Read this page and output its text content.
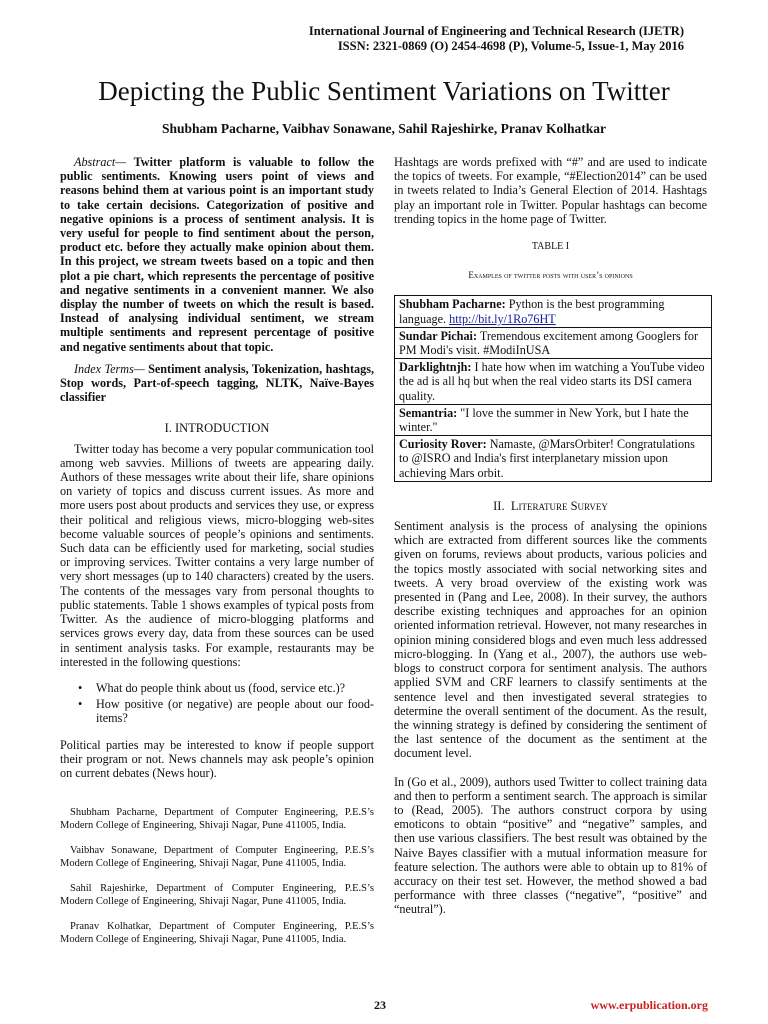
International Journal of Engineering and Technical Research (IJETR)
ISSN: 2321-0869 (O) 2454-4698 (P), Volume-5, Issue-1, May 2016
Depicting the Public Sentiment Variations on Twitter
Shubham Pacharne, Vaibhav Sonawane, Sahil Rajeshirke, Pranav Kolhatkar

Abstract— Twitter platform is valuable to follow the public sentiments. Knowing users point of views and reasons behind them at various point is an important study to take certain decisions. Categorization of positive and negative opinions is a process of sentiment analysis. It is very useful for people to find sentiment about the person, product etc. before they actually make opinion about them. In this project, we stream tweets based on a topic and then plot a pie chart, which represents the percentage of positive and negative sentiments in a convenient manner. We also display the number of tweets on which the result is based. Instead of analysing individual sentiment, we stream multiple sentiments and represent percentage of positive and negative sentiments about that topic.

Index Terms— Sentiment analysis, Tokenization, hashtags, Stop words, Part-of-speech tagging, NLTK, Naïve-Bayes classifier

I. INTRODUCTION

Twitter today has become a very popular communication tool among web savvies. Millions of tweets are appearing daily. Authors of these messages write about their life, share opinions on variety of topics and discuss current issues. As more and more users post about products and services they use, or express their political and religious views, micro-blogging web-sites become valuable sources of people’s opinions and sentiments. Such data can be efficiently used for marketing, social studies or improving services. Twitter contains a very large number of very short messages (up to 140 characters) created by the users. The contents of the messages vary from personal thoughts to public statements. Table 1 shows examples of typical posts from Twitter. As the audience of micro-blogging platforms and services grows every day, data from these sources can be used in sentiment analysis tasks. For example, restaurants may be interested in the following questions:

• What do people think about us (food, service etc.)?
• How positive (or negative) are people about our food-items?

Political parties may be interested to know if people support their program or not. News channels may ask people’s opinion on current debates (News hour).

Shubham Pacharne, Department of Computer Engineering, P.E.S’s Modern College of Engineering, Shivaji Nagar, Pune 411005, India.

Vaibhav Sonawane, Department of Computer Engineering, P.E.S’s Modern College of Engineering, Shivaji Nagar, Pune 411005, India.

Sahil Rajeshirke, Department of Computer Engineering, P.E.S’s Modern College of Engineering, Shivaji Nagar, Pune 411005, India.

Pranav Kolhatkar, Department of Computer Engineering, P.E.S’s Modern College of Engineering, Shivaji Nagar, Pune 411005, India.

Hashtags are words prefixed with “#” and are used to indicate the topics of tweets. For example, “#Election2014” can be used in tweets related to India’s General Election of 2014. Hashtags play an important role in Twitter. Popular hashtags can become trending topics in the home page of Twitter.

TABLE I
Examples of twitter posts with user’s opinions
Shubham Pacharne: Python is the best programming language. http://bit.ly/1Ro76HT
Sundar Pichai: Tremendous excitement among Googlers for PM Modi's visit. #ModiInUSA
Darklightnjh: I hate how when im watching a YouTube video the ad is all hq but when the real video starts its DSI camera quality.
Semantria: "I love the summer in New York, but I hate the winter."
Curiosity Rover: Namaste, @MarsOrbiter! Congratulations to @ISRO and India's first interplanetary mission upon achieving Mars orbit.
II. Literature Survey

Sentiment analysis is the process of analysing the opinions which are extracted from different sources like the comments given on forums, reviews about products, various policies and the topics mostly associated with social networking sites and tweets. A very broad overview of the existing work was presented in (Pang and Lee, 2008). In their survey, the authors describe existing techniques and approaches for an opinion oriented information retrieval. However, not many researches in opinion mining considered blogs and even much less addressed micro-blogging. In (Yang et al., 2007), the authors use web-blogs to construct corpora for sentiment analysis. The authors applied SVM and CRF learners to classify sentiments at the sentence level and then investigated several strategies to determine the overall sentiment of the document. As the result, the winning strategy is defined by considering the sentiment of the last sentence of the document as the sentiment at the document level.

In (Go et al., 2009), authors used Twitter to collect training data and then to perform a sentiment search. The approach is similar to (Read, 2005). The authors construct corpora by using emoticons to obtain “positive” and “negative” samples, and then use various classifiers. The best result was obtained by the Naive Bayes classifier with a mutual information measure for feature selection. The authors were able to obtain up to 81% of accuracy on their test set. However, the method showed a bad performance with three classes (“negative”, “positive” and “neutral”).

23	www.erpublication.org
